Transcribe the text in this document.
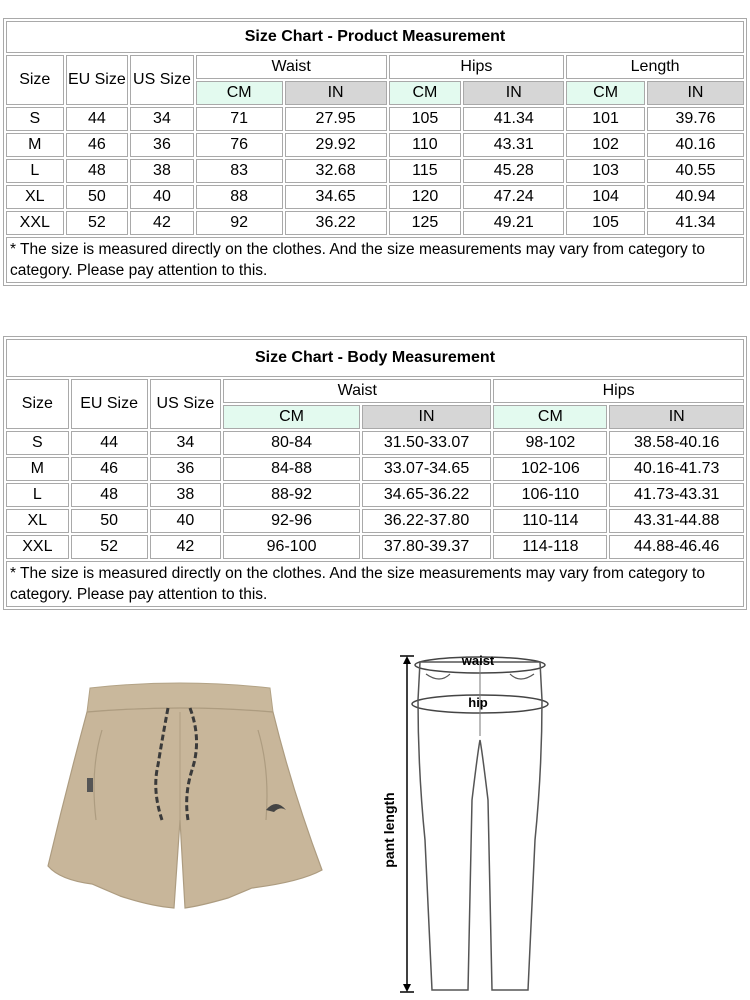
Size Chart - Product Measurement								
Size	EU Size	US Size	Waist		Hips		Length	
			CM	IN	CM	IN	CM	IN
S	44	34	71	27.95	105	41.34	101	39.76
M	46	36	76	29.92	110	43.31	102	40.16
L	48	38	83	32.68	115	45.28	103	40.55
XL	50	40	88	34.65	120	47.24	104	40.94
XXL	52	42	92	36.22	125	49.21	105	41.34
* The size is measured directly on the clothes. And the size measurements may vary from category to category. Please pay attention to this.								
Size Chart - Body Measurement						
Size	EU Size	US Size	Waist		Hips	
			CM	IN	CM	IN
S	44	34	80-84	31.50-33.07	98-102	38.58-40.16
M	46	36	84-88	33.07-34.65	102-106	40.16-41.73
L	48	38	88-92	34.65-36.22	106-110	41.73-43.31
XL	50	40	92-96	36.22-37.80	110-114	43.31-44.88
XXL	52	42	96-100	37.80-39.37	114-118	44.88-46.46
* The size is measured directly on the clothes. And the size measurements may vary from category to category. Please pay attention to this.						
waist
hip
pant length
